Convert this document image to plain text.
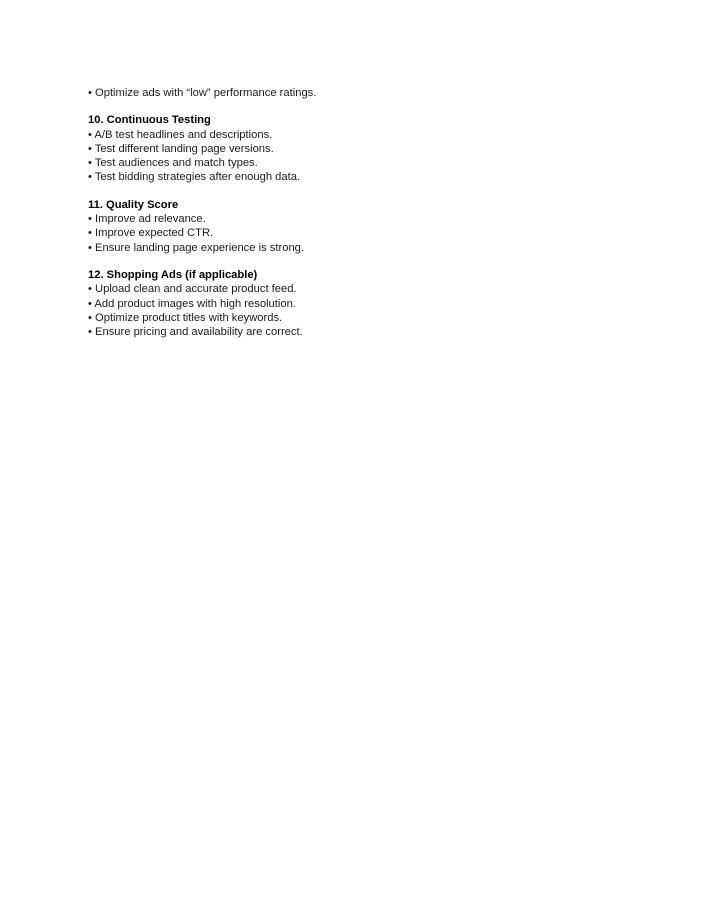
• Optimize ads with “low” performance ratings.

10. Continuous Testing

• A/B test headlines and descriptions.

• Test different landing page versions.

• Test audiences and match types.

• Test bidding strategies after enough data.

11. Quality Score

• Improve ad relevance.

• Improve expected CTR.

• Ensure landing page experience is strong.

12. Shopping Ads (if applicable)

• Upload clean and accurate product feed.

• Add product images with high resolution.

• Optimize product titles with keywords.

• Ensure pricing and availability are correct.
